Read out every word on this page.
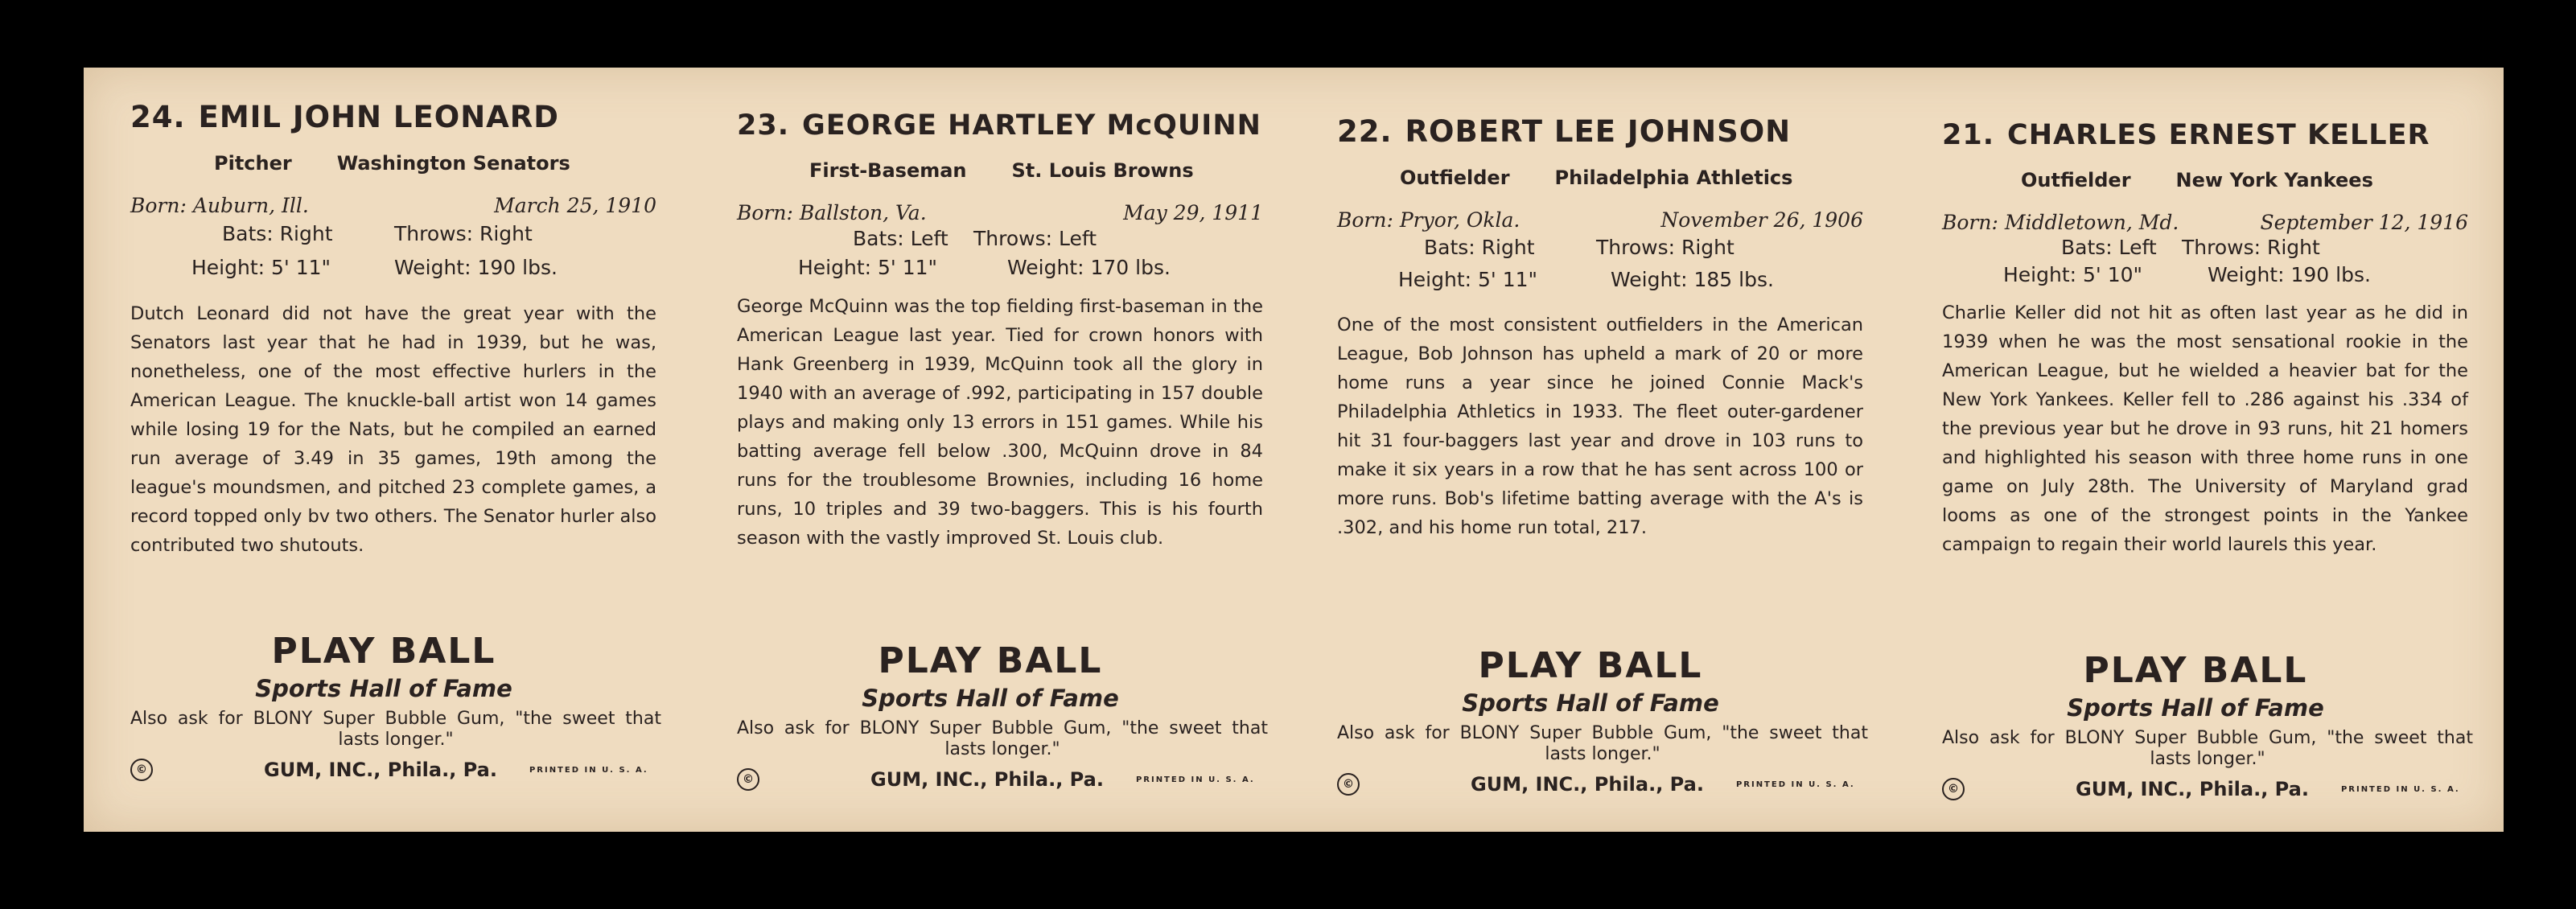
24. EMIL JOHN LEONARD
Pitcher Washington Senators
Born: Auburn, Ill.	March 25, 1910
Bats: Right	Throws: Right
Height: 5' 11"	Weight: 190 lbs.
Dutch Leonard did not have the great year with the Senators last year that he had in 1939, but he was, nonetheless, one of the most effective hurlers in the American League. The knuckle-ball artist won 14 games while losing 19 for the Nats, but he compiled an earned run average of 3.49 in 35 games, 19th among the league's moundsmen, and pitched 23 complete games, a record topped only bv two others. The Senator hurler also contributed two shutouts.
PLAY BALL
Sports Hall of Fame
Also ask for BLONY Super Bubble Gum, "the sweet that lasts longer."
©	GUM, INC., Phila., Pa.	PRINTED IN U. S. A.
23. GEORGE HARTLEY McQUINN
First-Baseman St. Louis Browns
Born: Ballston, Va.	May 29, 1911
Bats: Left Throws: Left
Height: 5' 11"	Weight: 170 lbs.
George McQuinn was the top fielding first-baseman in the American League last year. Tied for crown honors with Hank Greenberg in 1939, McQuinn took all the glory in 1940 with an average of .992, participating in 157 double plays and making only 13 errors in 151 games. While his batting average fell below .300, McQuinn drove in 84 runs for the troublesome Brownies, including 16 home runs, 10 triples and 39 two-baggers. This is his fourth season with the vastly improved St. Louis club.
PLAY BALL
Sports Hall of Fame
Also ask for BLONY Super Bubble Gum, "the sweet that lasts longer."
©	GUM, INC., Phila., Pa.	PRINTED IN U. S. A.
22. ROBERT LEE JOHNSON
Outfielder Philadelphia Athletics
Born: Pryor, Okla.	November 26, 1906
Bats: Right	Throws: Right
Height: 5' 11"	Weight: 185 lbs.
One of the most consistent outfielders in the American League, Bob Johnson has upheld a mark of 20 or more home runs a year since he joined Connie Mack's Philadelphia Athletics in 1933. The fleet outer-gardener hit 31 four-baggers last year and drove in 103 runs to make it six years in a row that he has sent across 100 or more runs. Bob's lifetime batting average with the A's is .302, and his home run total, 217.
PLAY BALL
Sports Hall of Fame
Also ask for BLONY Super Bubble Gum, "the sweet that lasts longer."
©	GUM, INC., Phila., Pa.	PRINTED IN U. S. A.
21. CHARLES ERNEST KELLER
Outfielder New York Yankees
Born: Middletown, Md.	September 12, 1916
Bats: Left Throws: Right
Height: 5' 10"	Weight: 190 lbs.
Charlie Keller did not hit as often last year as he did in 1939 when he was the most sensational rookie in the American League, but he wielded a heavier bat for the New York Yankees. Keller fell to .286 against his .334 of the previous year but he drove in 93 runs, hit 21 homers and highlighted his season with three home runs in one game on July 28th. The University of Maryland grad looms as one of the strongest points in the Yankee campaign to regain their world laurels this year.
PLAY BALL
Sports Hall of Fame
Also ask for BLONY Super Bubble Gum, "the sweet that lasts longer."
©	GUM, INC., Phila., Pa.	PRINTED IN U. S. A.
